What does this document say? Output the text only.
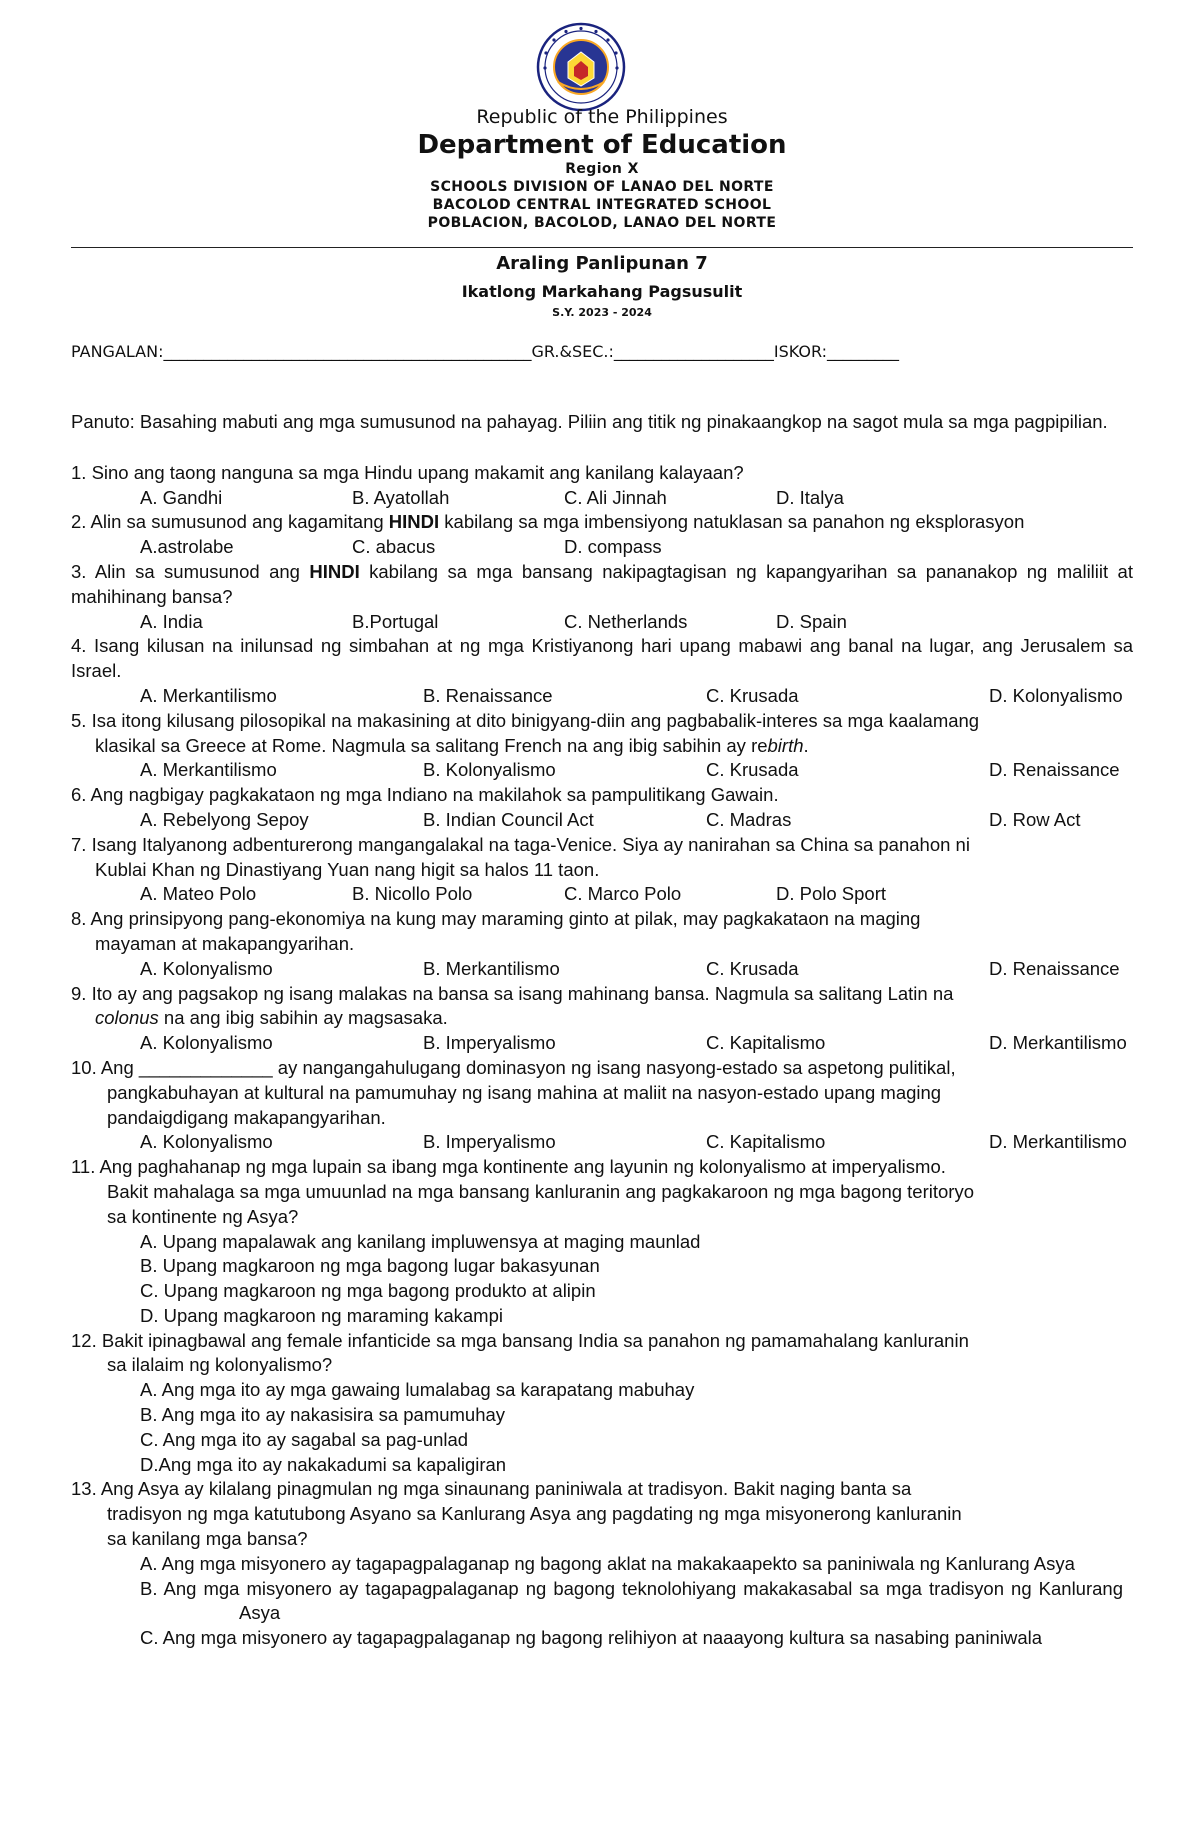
Republic of the Philippines
Department of Education
Region X
SCHOOLS DIVISION OF LANAO DEL NORTE
BACOLOD CENTRAL INTEGRATED SCHOOL
POBLACION, BACOLOD, LANAO DEL NORTE
Araling Panlipunan 7
Ikatlong Markahang Pagsusulit
S.Y. 2023 - 2024
PANGALAN:______________________________________________GR.&SEC.:____________________ISKOR:_________

Panuto: Basahing mabuti ang mga sumusunod na pahayag. Piliin ang titik ng pinakaangkop na sagot mula sa mga pagpipilian.

1. Sino ang taong nanguna sa mga Hindu upang makamit ang kanilang kalayaan?

A. Gandhi	B. Ayatollah	C. Ali Jinnah	D. Italya

2. Alin sa sumusunod ang kagamitang HINDI kabilang sa mga imbensiyong natuklasan sa panahon ng eksplorasyon

A.astrolabe	C. abacus	D. compass

3. Alin sa sumusunod ang HINDI kabilang sa mga bansang nakipagtagisan ng kapangyarihan sa pananakop ng maliliit at mahihinang bansa?

A. India	B.Portugal	C. Netherlands	D. Spain

4. Isang kilusan na inilunsad ng simbahan at ng mga Kristiyanong hari upang mabawi ang banal na lugar, ang Jerusalem sa Israel.

A. Merkantilismo	B. Renaissance	C. Krusada	D. Kolonyalismo

5. Isa itong kilusang pilosopikal na makasining at dito binigyang-diin ang pagbabalik-interes sa mga kaalamang

klasikal sa Greece at Rome. Nagmula sa salitang French na ang ibig sabihin ay rebirth.

A. Merkantilismo	B. Kolonyalismo	C. Krusada	D. Renaissance

6. Ang nagbigay pagkakataon ng mga Indiano na makilahok sa pampulitikang Gawain.

A. Rebelyong Sepoy	B. Indian Council Act	C. Madras	D. Row Act

7. Isang Italyanong adbenturerong mangangalakal na taga-Venice. Siya ay nanirahan sa China sa panahon ni

Kublai Khan ng Dinastiyang Yuan nang higit sa halos 11 taon.

A. Mateo Polo	B. Nicollo Polo	C. Marco Polo	D. Polo Sport

8. Ang prinsipyong pang-ekonomiya na kung may maraming ginto at pilak, may pagkakataon na maging

mayaman at makapangyarihan.

A. Kolonyalismo	B. Merkantilismo	C. Krusada	D. Renaissance

9. Ito ay ang pagsakop ng isang malakas na bansa sa isang mahinang bansa. Nagmula sa salitang Latin na

colonus na ang ibig sabihin ay magsasaka.

A. Kolonyalismo	B. Imperyalismo	C. Kapitalismo	D. Merkantilismo

10. Ang _____________ ay nangangahulugang dominasyon ng isang nasyong-estado sa aspetong pulitikal,

pangkabuhayan at kultural na pamumuhay ng isang mahina at maliit na nasyon-estado upang maging

pandaigdigang makapangyarihan.

A. Kolonyalismo	B. Imperyalismo	C. Kapitalismo	D. Merkantilismo

11. Ang paghahanap ng mga lupain sa ibang mga kontinente ang layunin ng kolonyalismo at imperyalismo.

Bakit mahalaga sa mga umuunlad na mga bansang kanluranin ang pagkakaroon ng mga bagong teritoryo

sa kontinente ng Asya?

A. Upang mapalawak ang kanilang impluwensya at maging maunlad

B. Upang magkaroon ng mga bagong lugar bakasyunan

C. Upang magkaroon ng mga bagong produkto at alipin

D. Upang magkaroon ng maraming kakampi

12. Bakit ipinagbawal ang female infanticide sa mga bansang India sa panahon ng pamamahalang kanluranin

sa ilalaim ng kolonyalismo?

A. Ang mga ito ay mga gawaing lumalabag sa karapatang mabuhay

B. Ang mga ito ay nakasisira sa pamumuhay

C. Ang mga ito ay sagabal sa pag-unlad

D.Ang mga ito ay nakakadumi sa kapaligiran

13. Ang Asya ay kilalang pinagmulan ng mga sinaunang paniniwala at tradisyon. Bakit naging banta sa

tradisyon ng mga katutubong Asyano sa Kanlurang Asya ang pagdating ng mga misyonerong kanluranin

sa kanilang mga bansa?

A. Ang mga misyonero ay tagapagpalaganap ng bagong aklat na makakaapekto sa paniniwala ng Kanlurang Asya

B. Ang mga misyonero ay tagapagpalaganap ng bagong teknolohiyang makakasabal sa mga tradisyon ng Kanlurang Asya

C. Ang mga misyonero ay tagapagpalaganap ng bagong relihiyon at naaayong kultura sa nasabing paniniwala
